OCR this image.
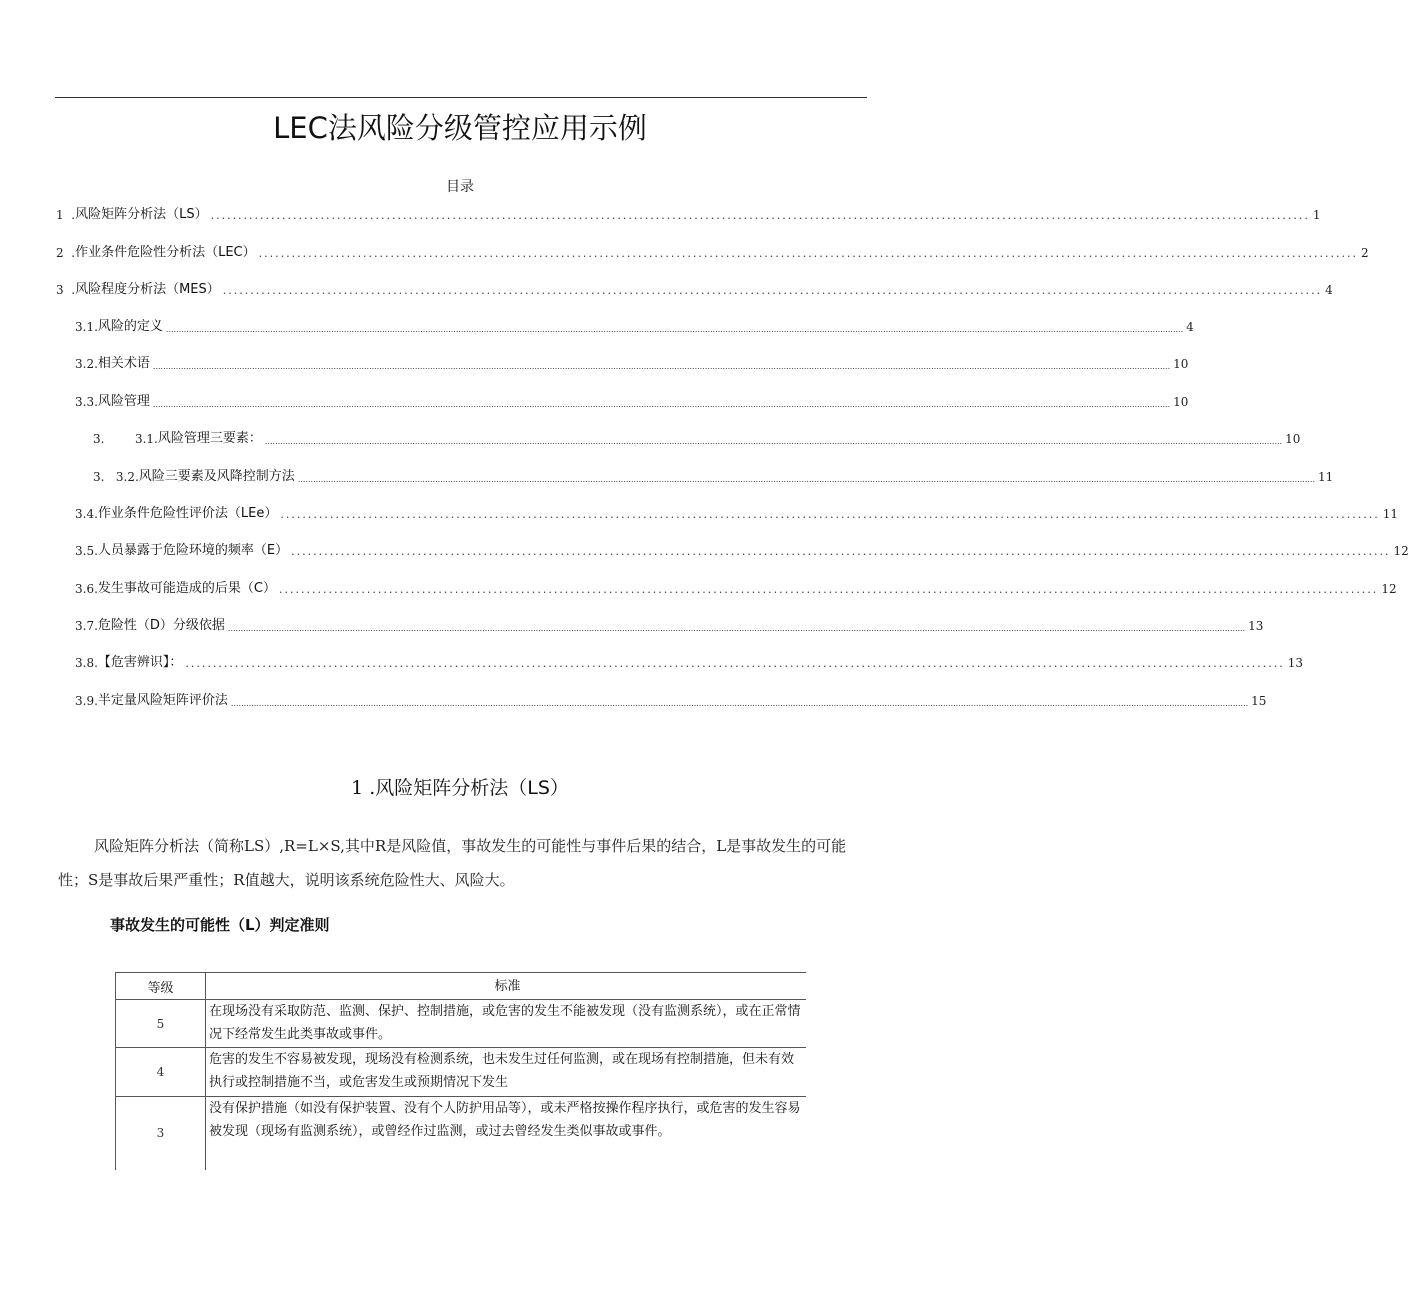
LEC法风险分级管控应用示例
目录
1  . 风险矩阵分析法（LS） ........................................................................................................................................................................................................ 1
2  . 作业条件危险性分析法（LEC） ........................................................................................................................................................................................................ 2
3  . 风险程度分析法（MES） ........................................................................................................................................................................................................ 4
3.1. 风险的定义 ................................................................................................................................................................................................................................................................................................................................................................................................................ 4
3.2. 相关术语 ................................................................................................................................................................................................................................................................................................................................................................................................................ 10
3.3. 风险管理 ................................................................................................................................................................................................................................................................................................................................................................................................................ 10
3.        3.1. 风险管理三要素： ................................................................................................................................................................................................................................................................................................................................................................................................................ 10
3.   3.2. 风险三要素及风降控制方法 ................................................................................................................................................................................................................................................................................................................................................................................................................ 11
3.4. 作业条件危险性评价法（LEe） ........................................................................................................................................................................................................ 11
3.5. 人员暴露于危险环境的频率（E） ........................................................................................................................................................................................................ 12
3.6. 发生事故可能造成的后果（C） ........................................................................................................................................................................................................ 12
3.7. 危险性（D）分级依据 ................................................................................................................................................................................................................................................................................................................................................................................................................ 13
3.8. 【危害辨识】： ........................................................................................................................................................................................................ 13
3.9. 半定量风险矩阵评价法 ................................................................................................................................................................................................................................................................................................................................................................................................................ 15
1 .风险矩阵分析法（LS）
风险矩阵分析法（简称LS）,R=L×S,其中R是风险值，事故发生的可能性与事件后果的结合，L是事故发生的可能性；S是事故后果严重性；R值越大，说明该系统危险性大、风险大。
事故发生的可能性（L）判定准则
等级	标准
5	在现场没有采取防范、监测、保护、控制措施，或危害的发生不能被发现（没有监测系统），或在正常情况下经常发生此类事故或事件。
4	危害的发生不容易被发现，现场没有检测系统，也未发生过任何监测，或在现场有控制措施，但未有效执行或控制措施不当，或危害发生或预期情况下发生
3	没有保护措施（如没有保护装置、没有个人防护用品等），或未严格按操作程序执行，或危害的发生容易被发现（现场有监测系统），或曾经作过监测，或过去曾经发生类似事故或事件。
